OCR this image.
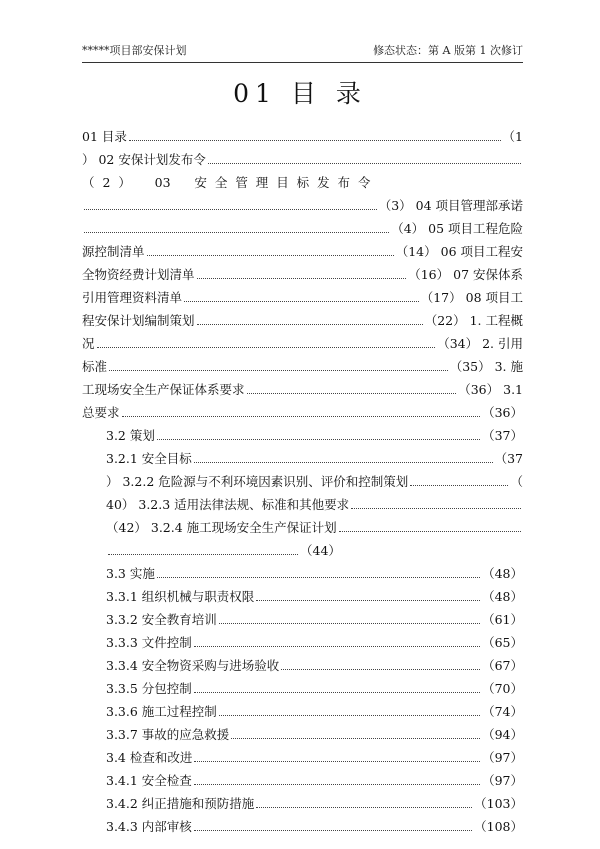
*****项目部安保计划	修态状态：第 A 版第 1 次修订
01 目 录
01 目录	（1
） 02 安保计划发布令
（  2  ）      03      安  全  管  理  目  标  发  布  令
（3） 04 项目管理部承诺
（4） 05 项目工程危险
源控制清单	（14） 06 项目工程安
全物资经费计划清单	（16） 07 安保体系
引用管理资料清单	（17） 08 项目工
程安保计划编制策划	（22） 1. 工程概
况	（34） 2. 引用
标准	（35） 3. 施
工现场安全生产保证体系要求	（36） 3.1
总要求	（36）
3.2 策划	（37）
3.2.1 安全目标	（37
） 3.2.2 危险源与不利环境因素识别、评价和控制策划	（
40） 3.2.3 适用法律法规、标准和其他要求
（42） 3.2.4 施工现场安全生产保证计划
（44）
3.3 实施	（48）
3.3.1 组织机械与职责权限	（48）
3.3.2 安全教育培训	（61）
3.3.3 文件控制	（65）
3.3.4 安全物资采购与进场验收	（67）
3.3.5 分包控制	（70）
3.3.6 施工过程控制	（74）
3.3.7 事故的应急救援	（94）
3.4 检查和改进	（97）
3.4.1 安全检查	（97）
3.4.2 纠正措施和预防措施	（103）
3.4.3 内部审核	（108）
